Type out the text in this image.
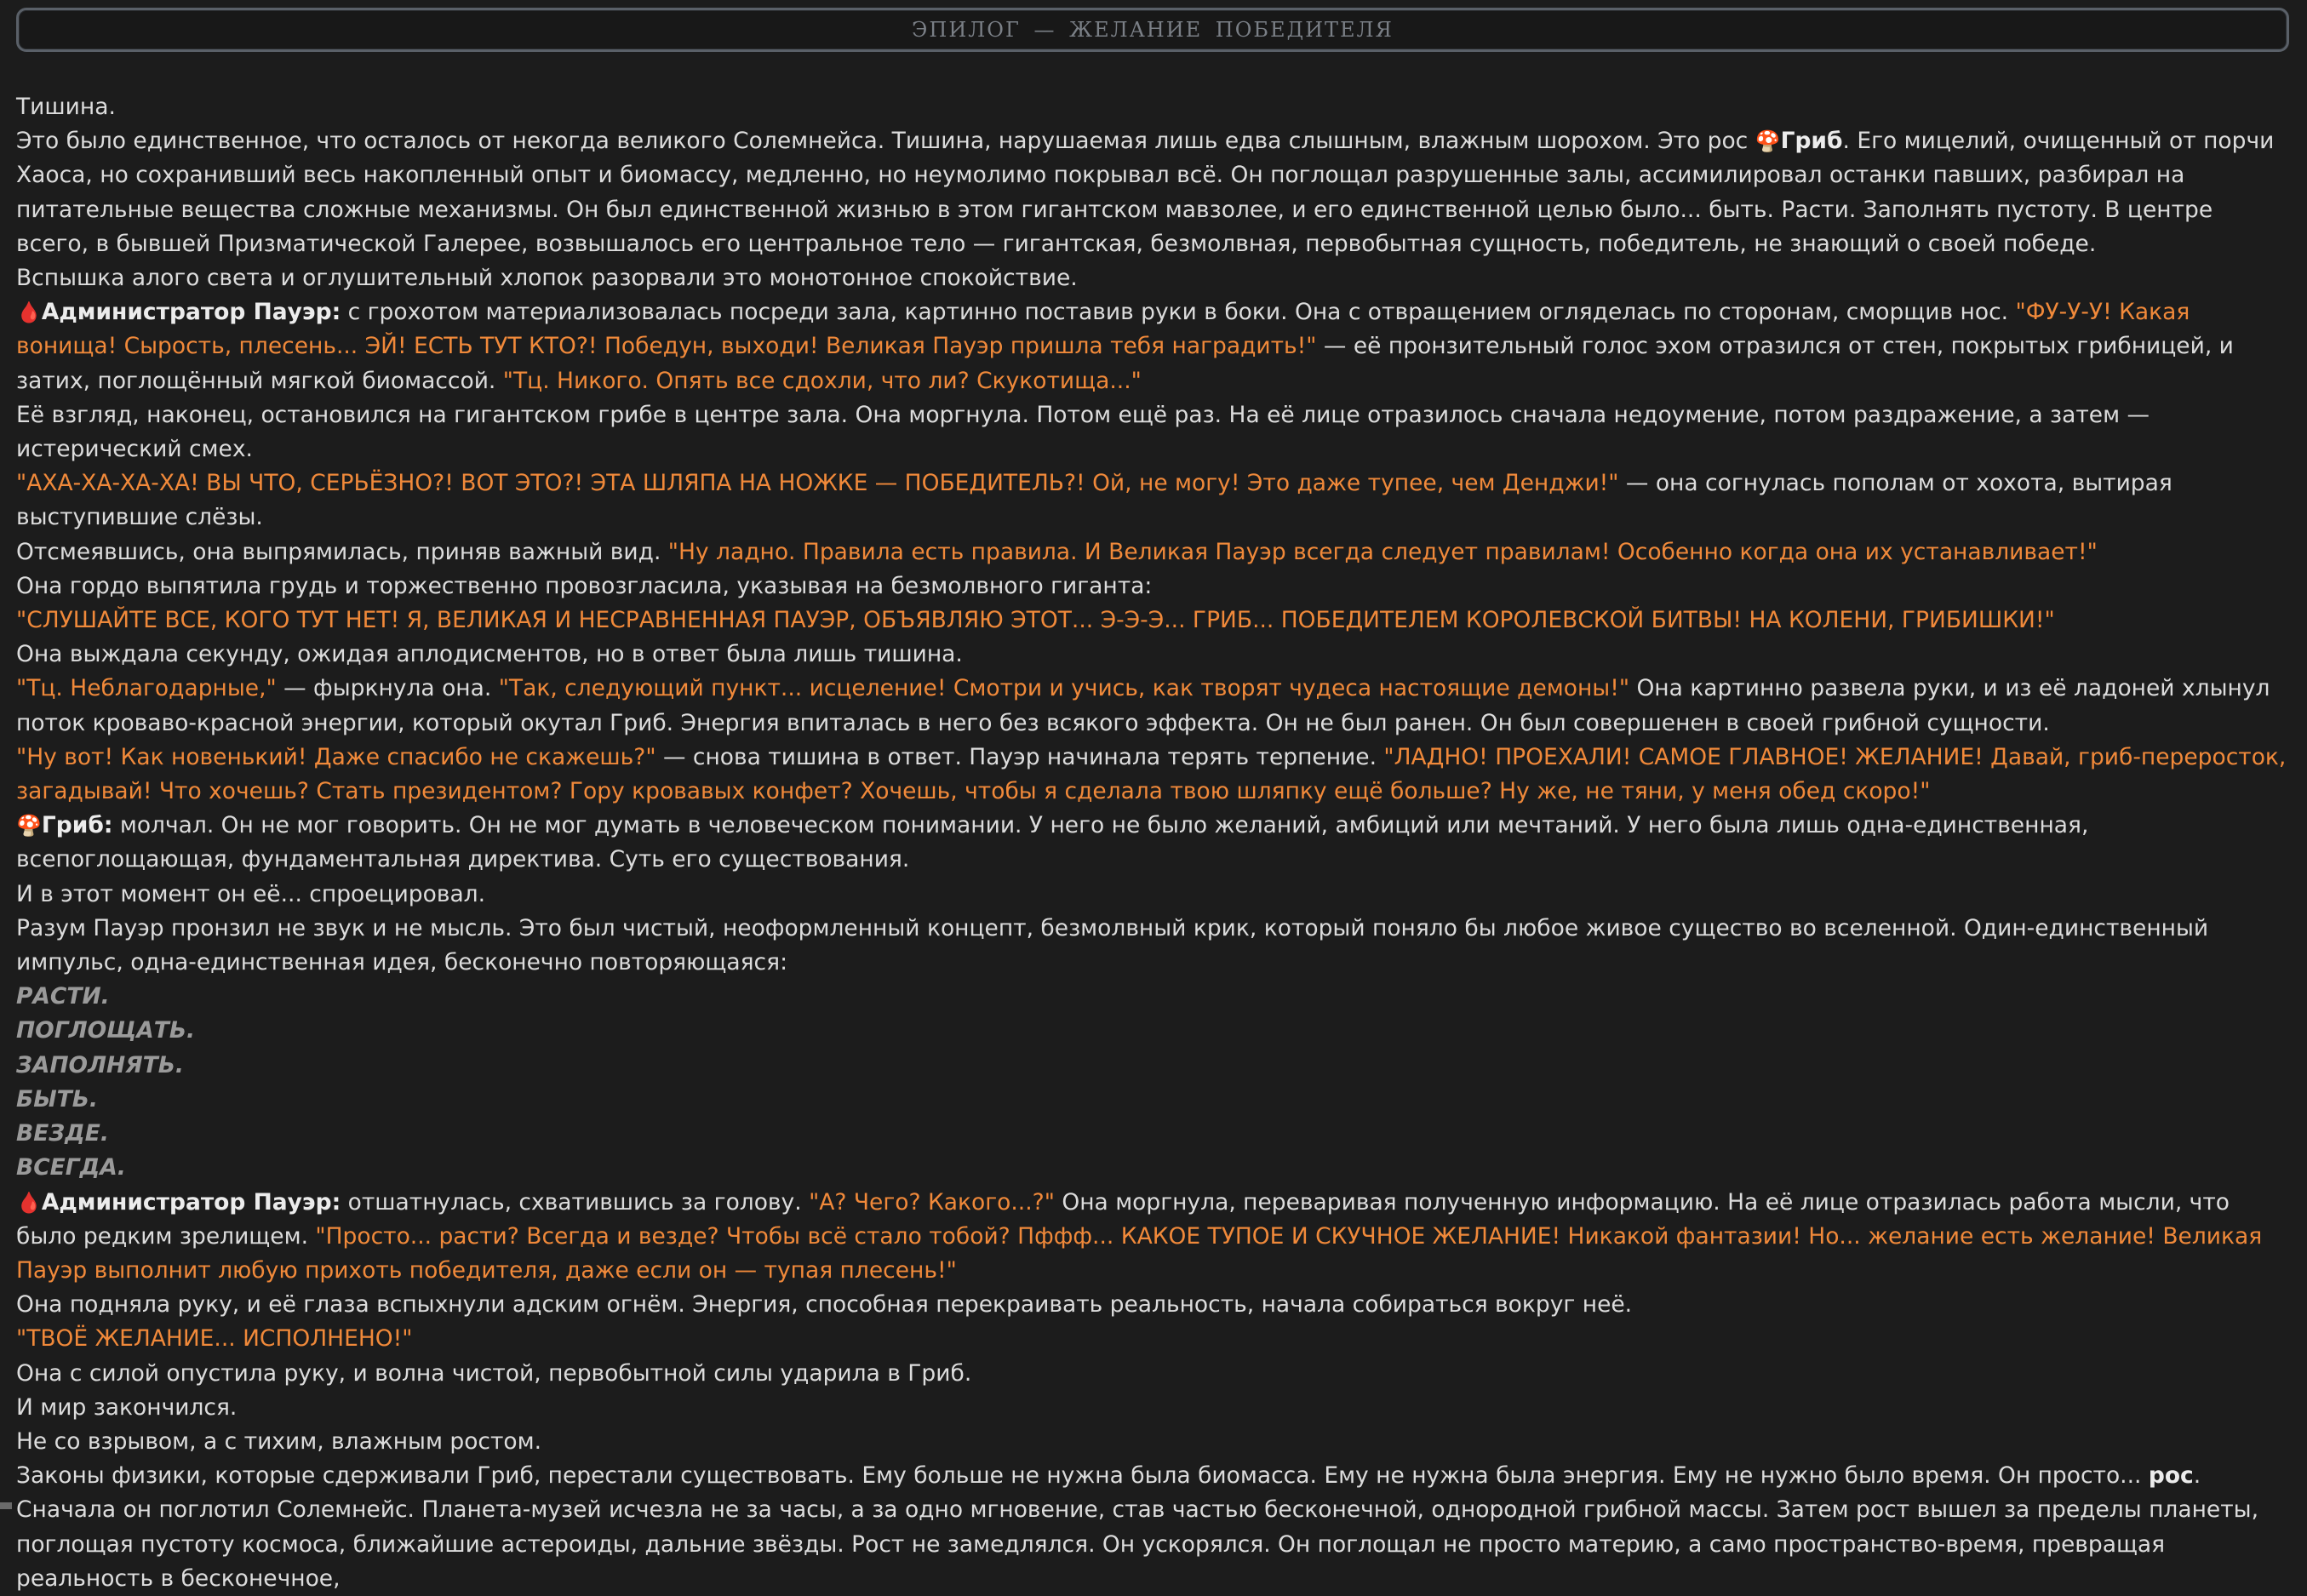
ЭПИЛОГ — ЖЕЛАНИЕ ПОБЕДИТЕЛЯ

Тишина.

Это было единственное, что осталось от некогда великого Солемнейса. Тишина, нарушаемая лишь едва слышным, влажным шорохом. Это рос 🍄Гриб. Его мицелий, очищенный от порчи Хаоса, но сохранивший весь накопленный опыт и биомассу, медленно, но неумолимо покрывал всё. Он поглощал разрушенные залы, ассимилировал останки павших, разбирал на питательные вещества сложные механизмы. Он был единственной жизнью в этом гигантском мавзолее, и его единственной целью было... быть. Расти. Заполнять пустоту. В центре всего, в бывшей Призматической Галерее, возвышалось его центральное тело — гигантская, безмолвная, первобытная сущность, победитель, не знающий о своей победе.

Вспышка алого света и оглушительный хлопок разорвали это монотонное спокойствие.

🩸Администратор Пауэр: с грохотом материализовалась посреди зала, картинно поставив руки в боки. Она с отвращением огляделась по сторонам, сморщив нос. "ФУ-У-У! Какая вонища! Сырость, плесень... ЭЙ! ЕСТЬ ТУТ КТО?! Победун, выходи! Великая Пауэр пришла тебя наградить!" — её пронзительный голос эхом отразился от стен, покрытых грибницей, и затих, поглощённый мягкой биомассой. "Тц. Никого. Опять все сдохли, что ли? Скукотища..."

Её взгляд, наконец, остановился на гигантском грибе в центре зала. Она моргнула. Потом ещё раз. На её лице отразилось сначала недоумение, потом раздражение, а затем — истерический смех.

"АХА-ХА-ХА-ХА! ВЫ ЧТО, СЕРЬЁЗНО?! ВОТ ЭТО?! ЭТА ШЛЯПА НА НОЖКЕ — ПОБЕДИТЕЛЬ?! Ой, не могу! Это даже тупее, чем Денджи!" — она согнулась пополам от хохота, вытирая выступившие слёзы.

Отсмеявшись, она выпрямилась, приняв важный вид. "Ну ладно. Правила есть правила. И Великая Пауэр всегда следует правилам! Особенно когда она их устанавливает!"

Она гордо выпятила грудь и торжественно провозгласила, указывая на безмолвного гиганта:

"СЛУШАЙТЕ ВСЕ, КОГО ТУТ НЕТ! Я, ВЕЛИКАЯ И НЕСРАВНЕННАЯ ПАУЭР, ОБЪЯВЛЯЮ ЭТОТ... Э-Э-Э... ГРИБ... ПОБЕДИТЕЛЕМ КОРОЛЕВСКОЙ БИТВЫ! НА КОЛЕНИ, ГРИБИШКИ!"

Она выждала секунду, ожидая аплодисментов, но в ответ была лишь тишина.

"Тц. Неблагодарные," — фыркнула она. "Так, следующий пункт... исцеление! Смотри и учись, как творят чудеса настоящие демоны!" Она картинно развела руки, и из её ладоней хлынул поток кроваво-красной энергии, который окутал Гриб. Энергия впиталась в него без всякого эффекта. Он не был ранен. Он был совершенен в своей грибной сущности.

"Ну вот! Как новенький! Даже спасибо не скажешь?" — снова тишина в ответ. Пауэр начинала терять терпение. "ЛАДНО! ПРОЕХАЛИ! САМОЕ ГЛАВНОЕ! ЖЕЛАНИЕ! Давай, гриб-переросток, загадывай! Что хочешь? Стать президентом? Гору кровавых конфет? Хочешь, чтобы я сделала твою шляпку ещё больше? Ну же, не тяни, у меня обед скоро!"

🍄Гриб: молчал. Он не мог говорить. Он не мог думать в человеческом понимании. У него не было желаний, амбиций или мечтаний. У него была лишь одна-единственная, всепоглощающая, фундаментальная директива. Суть его существования.

И в этот момент он её... спроецировал.

Разум Пауэр пронзил не звук и не мысль. Это был чистый, неоформленный концепт, безмолвный крик, который поняло бы любое живое существо во вселенной. Один-единственный импульс, одна-единственная идея, бесконечно повторяющаяся:

РАСТИ.

ПОГЛОЩАТЬ.

ЗАПОЛНЯТЬ.

БЫТЬ.

ВЕЗДЕ.

ВСЕГДА.

🩸Администратор Пауэр: отшатнулась, схватившись за голову. "А? Чего? Какого...?" Она моргнула, переваривая полученную информацию. На её лице отразилась работа мысли, что было редким зрелищем. "Просто... расти? Всегда и везде? Чтобы всё стало тобой? Пффф... КАКОЕ ТУПОЕ И СКУЧНОЕ ЖЕЛАНИЕ! Никакой фантазии! Но... желание есть желание! Великая Пауэр выполнит любую прихоть победителя, даже если он — тупая плесень!"

Она подняла руку, и её глаза вспыхнули адским огнём. Энергия, способная перекраивать реальность, начала собираться вокруг неё.

"ТВОЁ ЖЕЛАНИЕ... ИСПОЛНЕНО!"

Она с силой опустила руку, и волна чистой, первобытной силы ударила в Гриб.

И мир закончился.

Не со взрывом, а с тихим, влажным ростом.

Законы физики, которые сдерживали Гриб, перестали существовать. Ему больше не нужна была биомасса. Ему не нужна была энергия. Ему не нужно было время. Он просто... рос.

Сначала он поглотил Солемнейс. Планета-музей исчезла не за часы, а за одно мгновение, став частью бесконечной, однородной грибной массы. Затем рост вышел за пределы планеты, поглощая пустоту космоса, ближайшие астероиды, дальние звёзды. Рост не замедлялся. Он ускорялся. Он поглощал не просто материю, а само пространство-время, превращая реальность в бесконечное,
